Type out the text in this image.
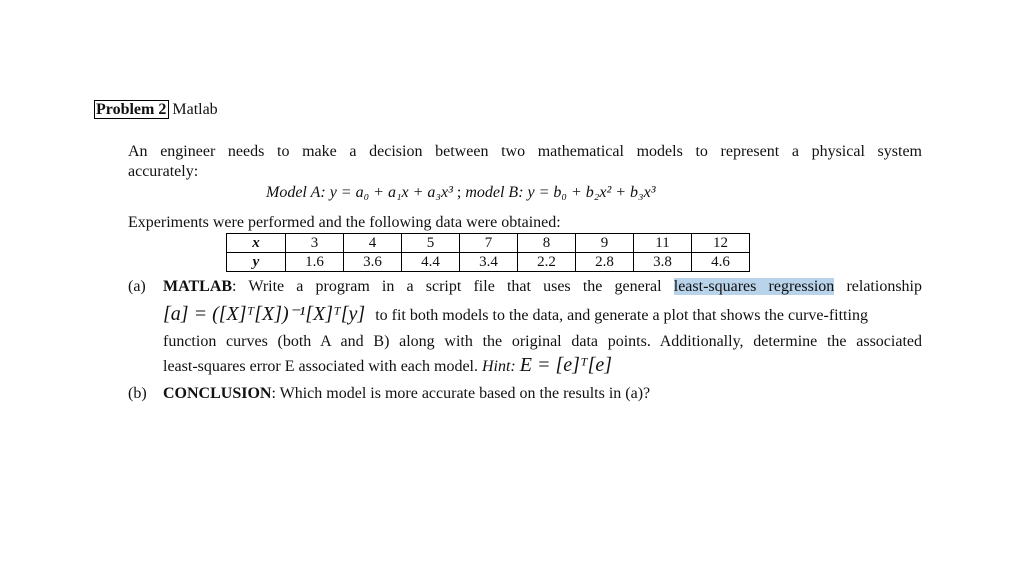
Problem 2 Matlab
An engineer needs to make a decision between two mathematical models to represent a physical system
accurately:
Model A: y = a₀ + a₁x + a₃x³ ; model B: y = b₀ + b₂x² + b₃x³
Experiments were performed and the following data were obtained:
x	3	4	5	7	8	9	11	12
y	1.6	3.6	4.4	3.4	2.2	2.8	3.8	4.6
(a)	MATLAB: Write a program in a script file that uses the general least-squares regression relationship
[a] = ([X]ᵀ[X])⁻¹[X]ᵀ[y] to fit both models to the data, and generate a plot that shows the curve-fitting
function curves (both A and B) along with the original data points. Additionally, determine the associated
least-squares error E associated with each model. Hint: E = [e]ᵀ[e]
(b)	CONCLUSION: Which model is more accurate based on the results in (a)?
